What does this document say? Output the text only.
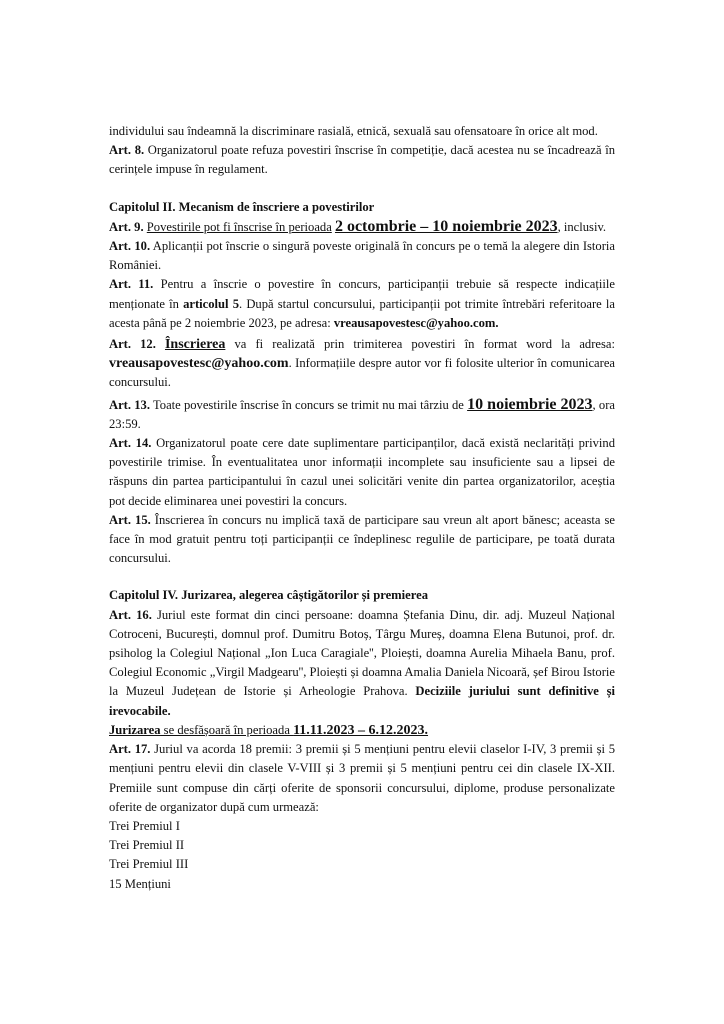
individului sau îndeamnă la discriminare rasială, etnică, sexuală sau ofensatoare în orice alt mod.

Art. 8. Organizatorul poate refuza povestiri înscrise în competiție, dacă acestea nu se încadrează în cerințele impuse în regulament.

Capitolul II. Mecanism de înscriere a povestirilor

Art. 9. Povestirile pot fi înscrise în perioada 2 octombrie – 10 noiembrie 2023, inclusiv.

Art. 10. Aplicanții pot înscrie o singură poveste originală în concurs pe o temă la alegere din Istoria României.

Art. 11. Pentru a înscrie o povestire în concurs, participanții trebuie să respecte indicațiile menționate în articolul 5. După startul concursului, participanții pot trimite întrebări referitoare la acesta până pe 2 noiembrie 2023, pe adresa: vreausapovestesc@yahoo.com.

Art. 12. Înscrierea va fi realizată prin trimiterea povestiri în format word la adresa: vreausapovestesc@yahoo.com. Informațiile despre autor vor fi folosite ulterior în comunicarea concursului.

Art. 13. Toate povestirile înscrise în concurs se trimit nu mai târziu de 10 noiembrie 2023, ora 23:59.

Art. 14. Organizatorul poate cere date suplimentare participanților, dacă există neclarități privind povestirile trimise. În eventualitatea unor informații incomplete sau insuficiente sau a lipsei de răspuns din partea participantului în cazul unei solicitări venite din partea organizatorilor, aceștia pot decide eliminarea unei povestiri la concurs.

Art. 15. Înscrierea în concurs nu implică taxă de participare sau vreun alt aport bănesc; aceasta se face în mod gratuit pentru toți participanții ce îndeplinesc regulile de participare, pe toată durata concursului.

Capitolul IV. Jurizarea, alegerea câștigătorilor și premierea

Art. 16. Juriul este format din cinci persoane: doamna Ștefania Dinu, dir. adj. Muzeul Național Cotroceni, București, domnul prof. Dumitru Botoș, Târgu Mureș, doamna Elena Butunoi, prof. dr. psiholog la Colegiul Național „Ion Luca Caragiale'', Ploiești, doamna Aurelia Mihaela Banu, prof. Colegiul Economic „Virgil Madgearu'', Ploiești și doamna Amalia Daniela Nicoară, șef Birou Istorie la Muzeul Județean de Istorie și Arheologie Prahova. Deciziile juriului sunt definitive și irevocabile.

Jurizarea se desfășoară în perioada 11.11.2023 – 6.12.2023.

Art. 17. Juriul va acorda 18 premii: 3 premii și 5 mențiuni pentru elevii claselor I-IV, 3 premii și 5 mențiuni pentru elevii din clasele V-VIII și 3 premii și 5 mențiuni pentru cei din clasele IX-XII. Premiile sunt compuse din cărți oferite de sponsorii concursului, diplome, produse personalizate oferite de organizator după cum urmează:

Trei Premiul I

Trei Premiul II

Trei Premiul III

15 Mențiuni
